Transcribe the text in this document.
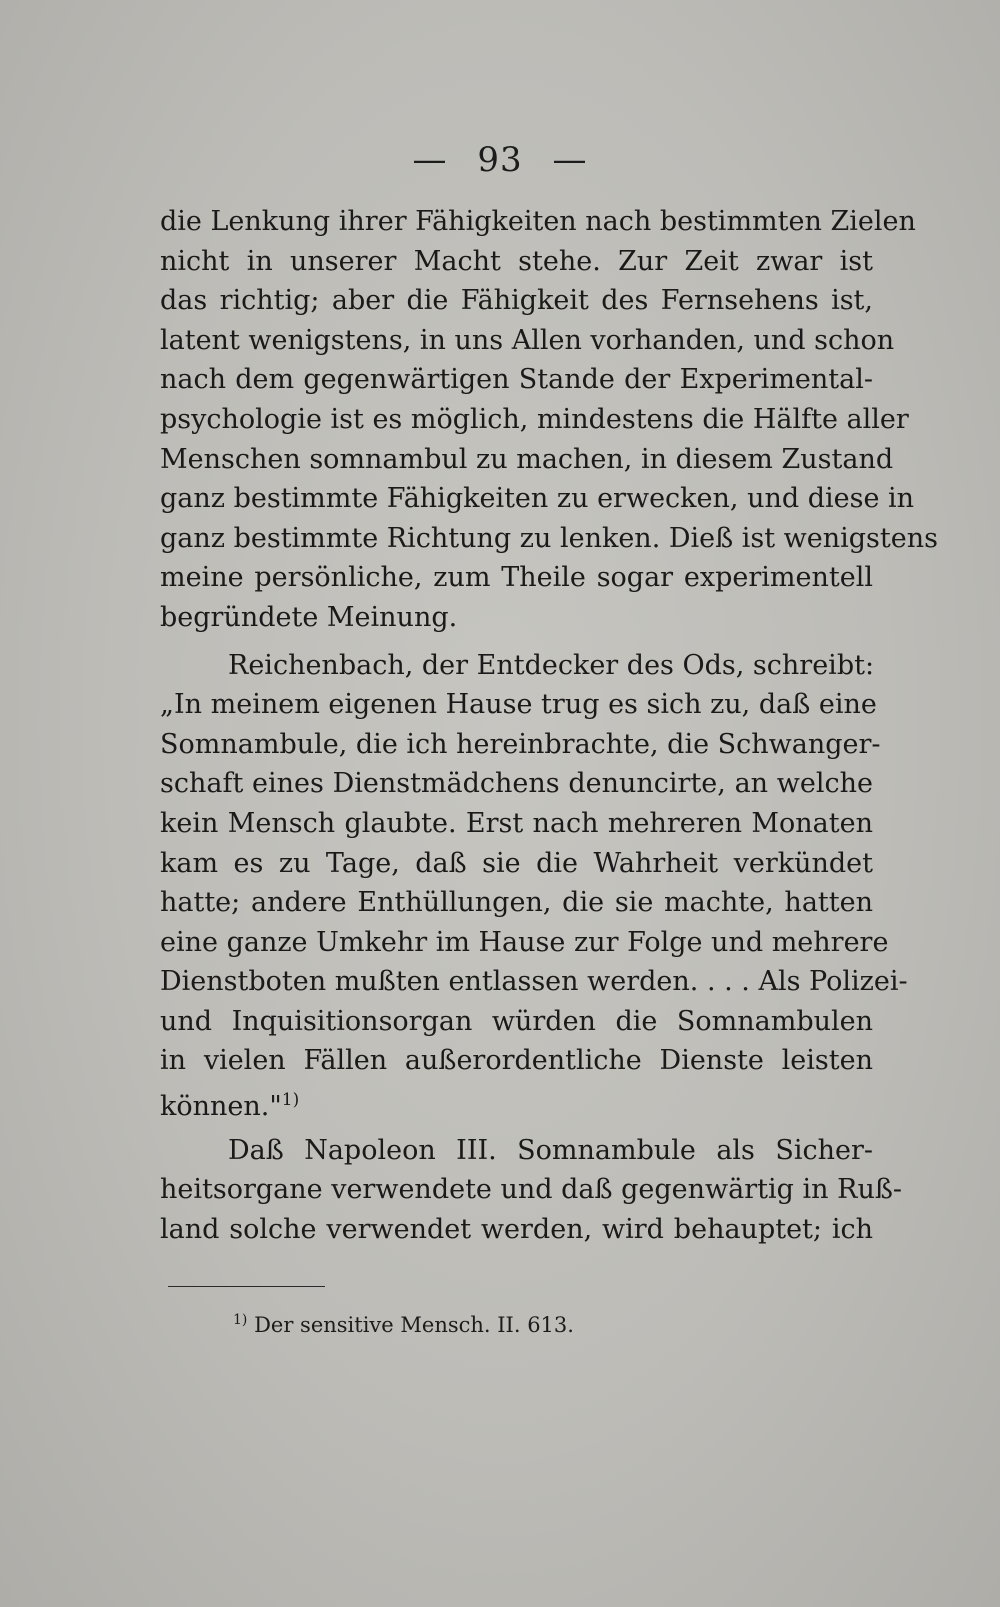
— 93 —
die Lenkung ihrer Fähigkeiten nach bestimmten Zielen
nicht in unserer Macht stehe. Zur Zeit zwar ist
das richtig; aber die Fähigkeit des Fernsehens ist,
latent wenigstens, in uns Allen vorhanden, und schon
nach dem gegenwärtigen Stande der Experimental-
psychologie ist es möglich, mindestens die Hälfte aller
Menschen somnambul zu machen, in diesem Zustand
ganz bestimmte Fähigkeiten zu erwecken, und diese in
ganz bestimmte Richtung zu lenken. Dieß ist wenigstens
meine persönliche, zum Theile sogar experimentell
begründete Meinung.
Reichenbach, der Entdecker des Ods, schreibt:
„In meinem eigenen Hause trug es sich zu, daß eine
Somnambule, die ich hereinbrachte, die Schwanger-
schaft eines Dienstmädchens denuncirte, an welche
kein Mensch glaubte. Erst nach mehreren Monaten
kam es zu Tage, daß sie die Wahrheit verkündet
hatte; andere Enthüllungen, die sie machte, hatten
eine ganze Umkehr im Hause zur Folge und mehrere
Dienstboten mußten entlassen werden. . . . Als Polizei-
und Inquisitionsorgan würden die Somnambulen
in vielen Fällen außerordentliche Dienste leisten
können."$^{1)}$
Daß Napoleon III. Somnambule als Sicher-
heitsorgane verwendete und daß gegenwärtig in Ruß-
land solche verwendet werden, wird behauptet; ich
$^{1)}$ Der sensitive Mensch. II. 613.
